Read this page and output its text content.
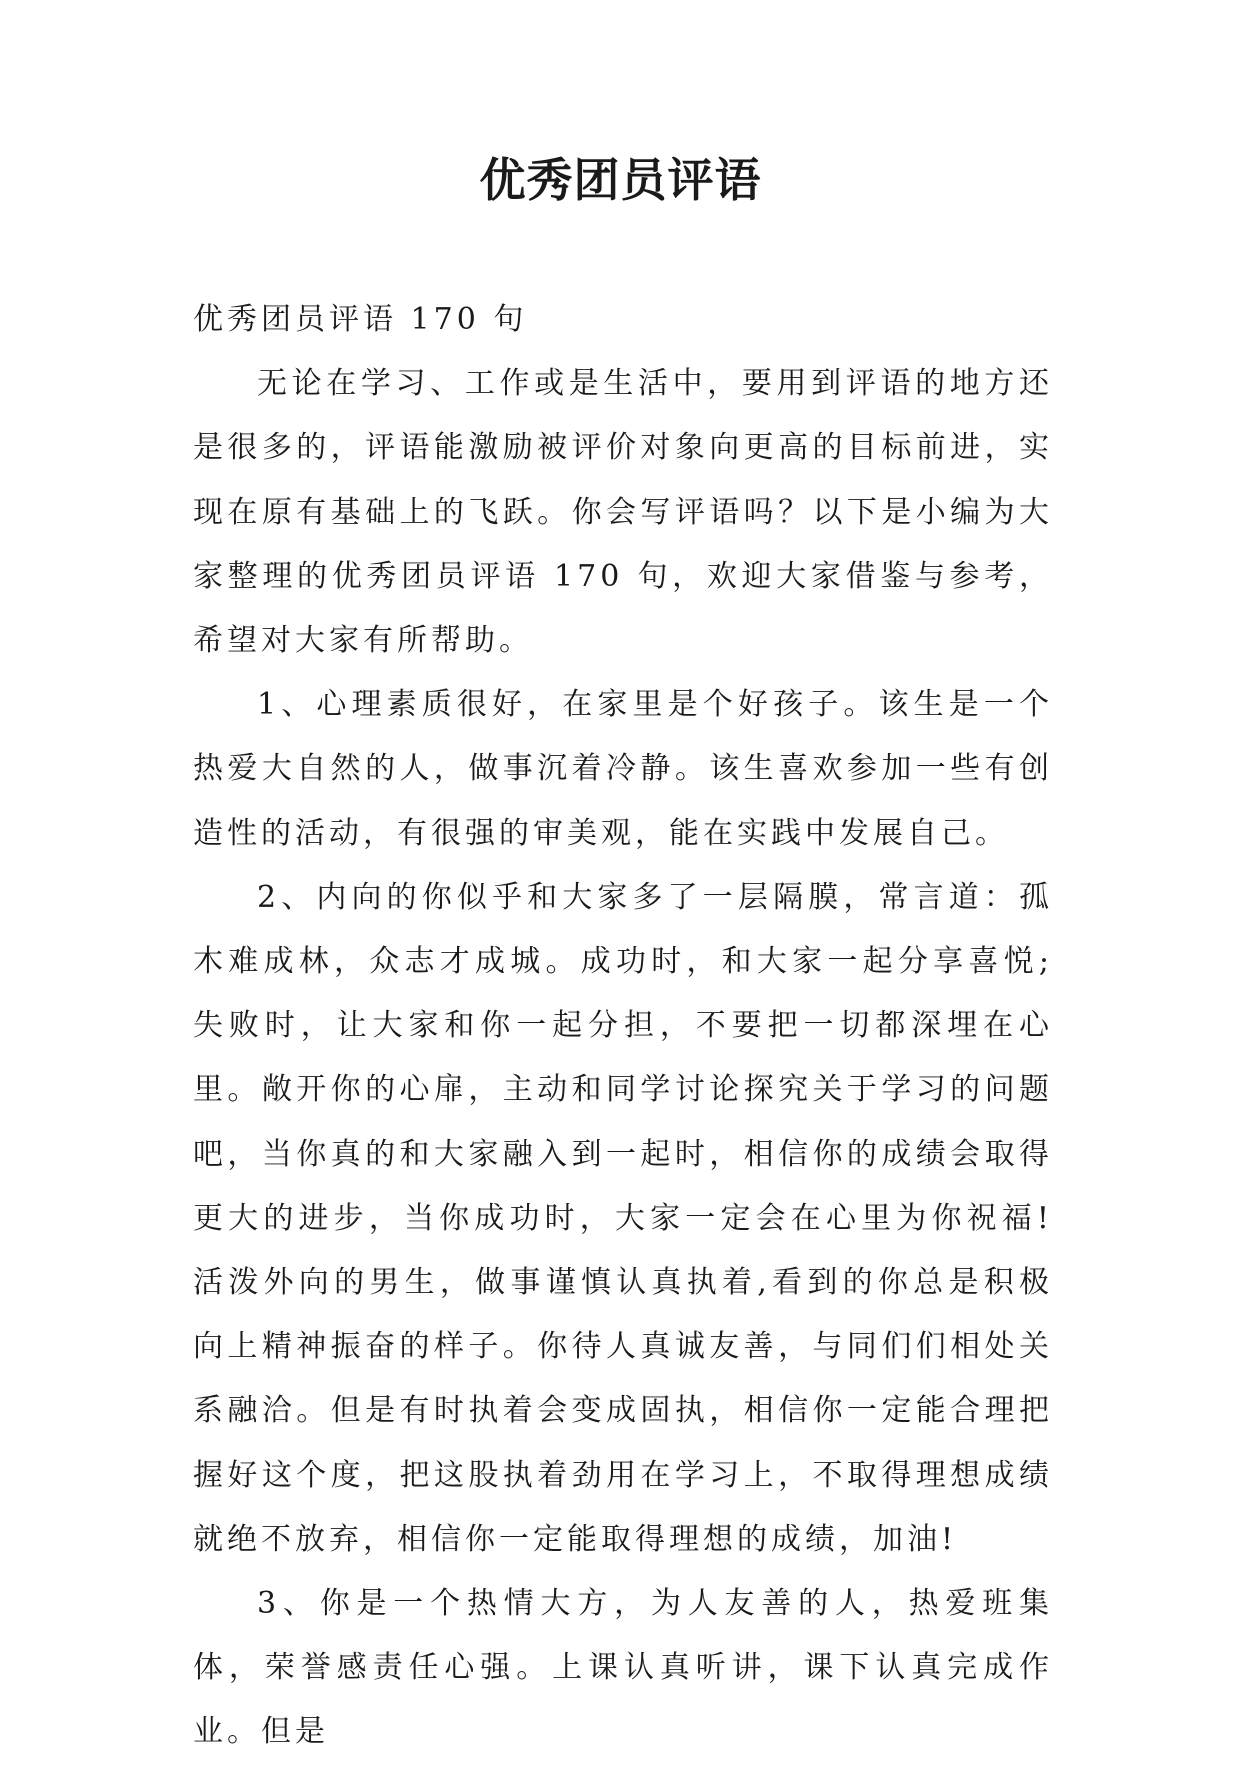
优秀团员评语

优秀团员评语 170 句

无论在学习、工作或是生活中，要用到评语的地方还是很多的，评语能激励被评价对象向更高的目标前进，实现在原有基础上的飞跃。你会写评语吗？以下是小编为大家整理的优秀团员评语 170 句，欢迎大家借鉴与参考，希望对大家有所帮助。

1、心理素质很好，在家里是个好孩子。该生是一个热爱大自然的人，做事沉着冷静。该生喜欢参加一些有创造性的活动，有很强的审美观，能在实践中发展自己。

2、内向的你似乎和大家多了一层隔膜，常言道：孤木难成林，众志才成城。成功时，和大家一起分享喜悦;失败时，让大家和你一起分担，不要把一切都深埋在心里。敞开你的心扉，主动和同学讨论探究关于学习的问题吧，当你真的和大家融入到一起时，相信你的成绩会取得更大的进步，当你成功时，大家一定会在心里为你祝福!活泼外向的男生，做事谨慎认真执着,看到的你总是积极向上精神振奋的样子。你待人真诚友善，与同们们相处关系融洽。但是有时执着会变成固执，相信你一定能合理把握好这个度，把这股执着劲用在学习上，不取得理想成绩就绝不放弃，相信你一定能取得理想的成绩，加油!

3、你是一个热情大方，为人友善的人，热爱班集体，荣誉感责任心强。上课认真听讲，课下认真完成作业。但是
